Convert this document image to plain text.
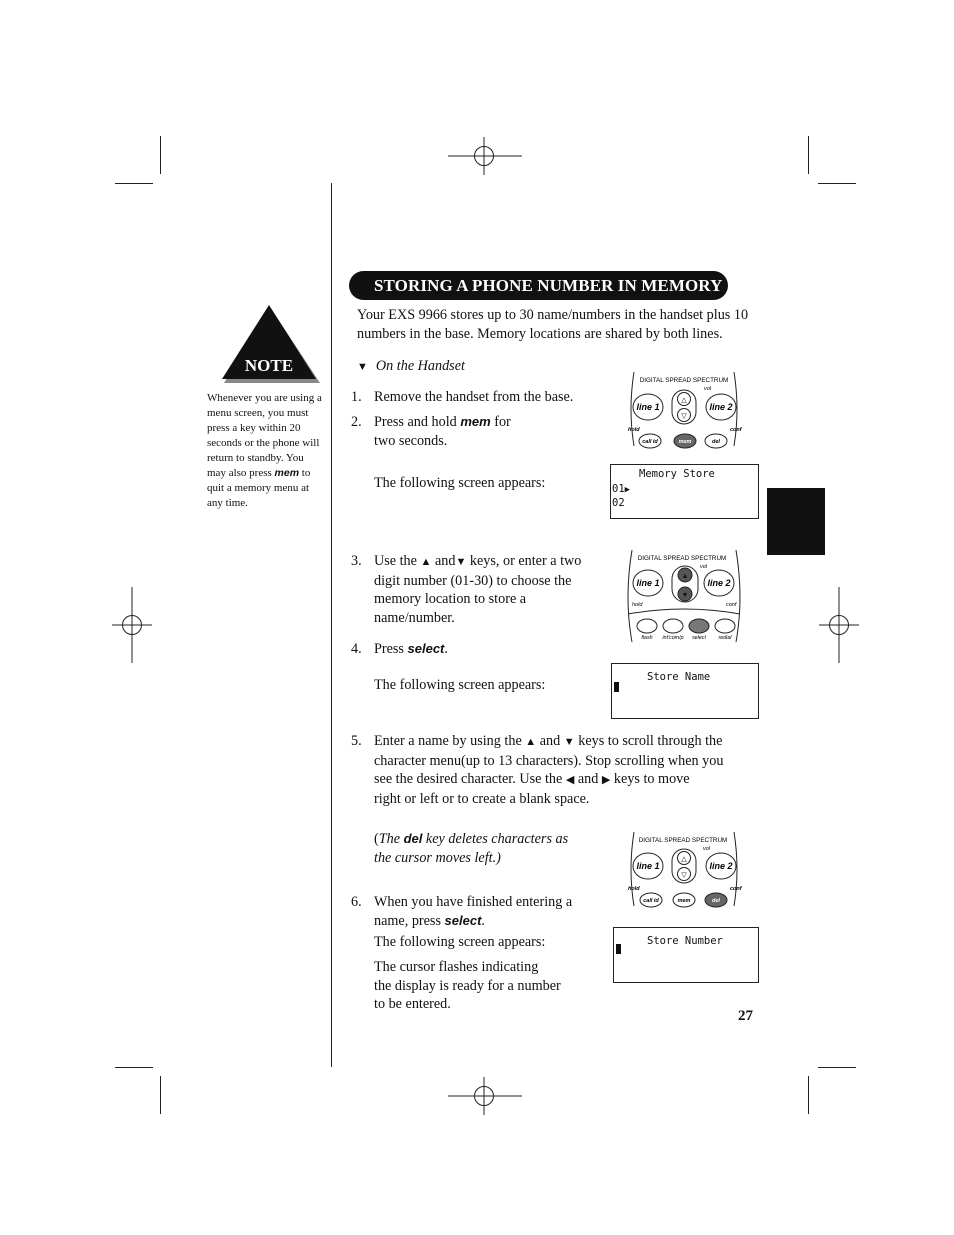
NOTE
Whenever you are using a
menu screen, you must
press a key within 20
seconds or the phone will
return to standby. You
may also press mem to
quit a memory menu at
any time.
STORING A PHONE NUMBER IN MEMORY
Your EXS 9966 stores up to 30 name/numbers in the handset plus 10
numbers in the base. Memory locations are shared by both lines.
▼ On the Handset
1. Remove the handset from the base.
2. Press and hold mem for
two seconds.
The following screen appears:
3. Use the ▲ and▼ keys, or enter a two
digit number (01-30) to choose the
memory location to store a
name/number.
4. Press select.
The following screen appears:
5. Enter a name by using the ▲ and ▼ keys to scroll through the
character menu(up to 13 characters). Stop scrolling when you
see the desired character. Use the ◀ and ▶ keys to move
right or left or to create a blank space.
(The del key deletes characters as
the cursor moves left.)
6. When you have finished entering a
name, press select.
The following screen appears:
The cursor flashes indicating
the display is ready for a number
to be entered.
Memory Store
01▶
02
Store Name
Store Number
DIGITAL SPREAD SPECTRUM
vol
line 1	line 2
△
▽
hold	conf
call id	mem	del
DIGITAL SPREAD SPECTRUM
vol
line 1	line 2
▲
▼
hold	conf
flash int'com/p select redial
DIGITAL SPREAD SPECTRUM
vol
line 1	line 2
△
▽
hold	conf
call id	mem	del
27
